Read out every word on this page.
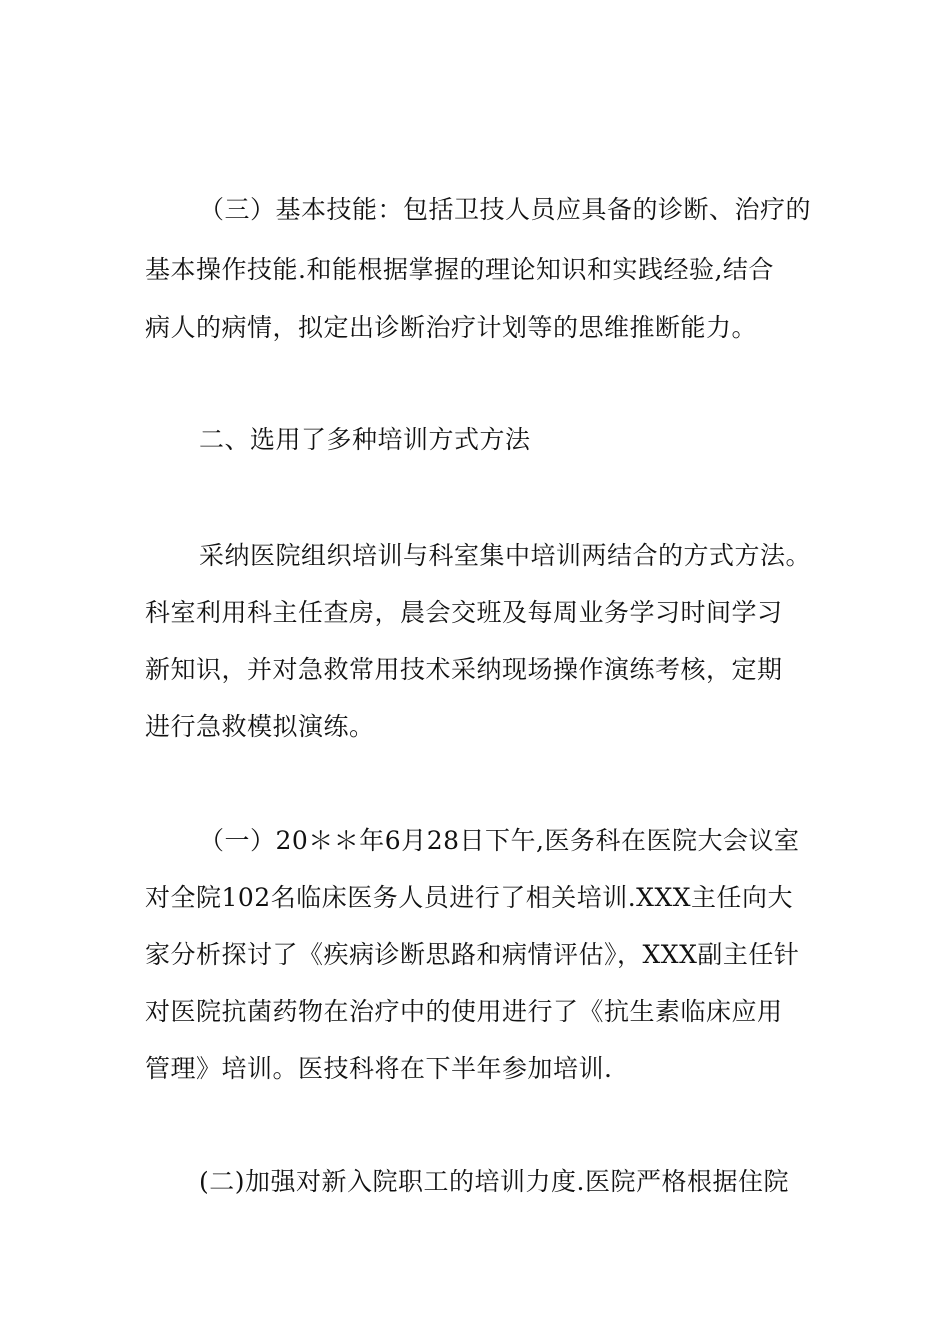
（三）基本技能：包括卫技人员应具备的诊断、治疗的
基本操作技能.和能根据掌握的理论知识和实践经验,结合
病人的病情，拟定出诊断治疗计划等的思维推断能力。
二、选用了多种培训方式方法
采纳医院组织培训与科室集中培训两结合的方式方法。
科室利用科主任查房，晨会交班及每周业务学习时间学习
新知识，并对急救常用技术采纳现场操作演练考核，定期
进行急救模拟演练。
（一）20＊＊年6月28日下午,医务科在医院大会议室
对全院102名临床医务人员进行了相关培训.XXX主任向大
家分析探讨了《疾病诊断思路和病情评估》，XXX副主任针
对医院抗菌药物在治疗中的使用进行了《抗生素临床应用
管理》培训。医技科将在下半年参加培训.
(二)加强对新入院职工的培训力度.医院严格根据住院
